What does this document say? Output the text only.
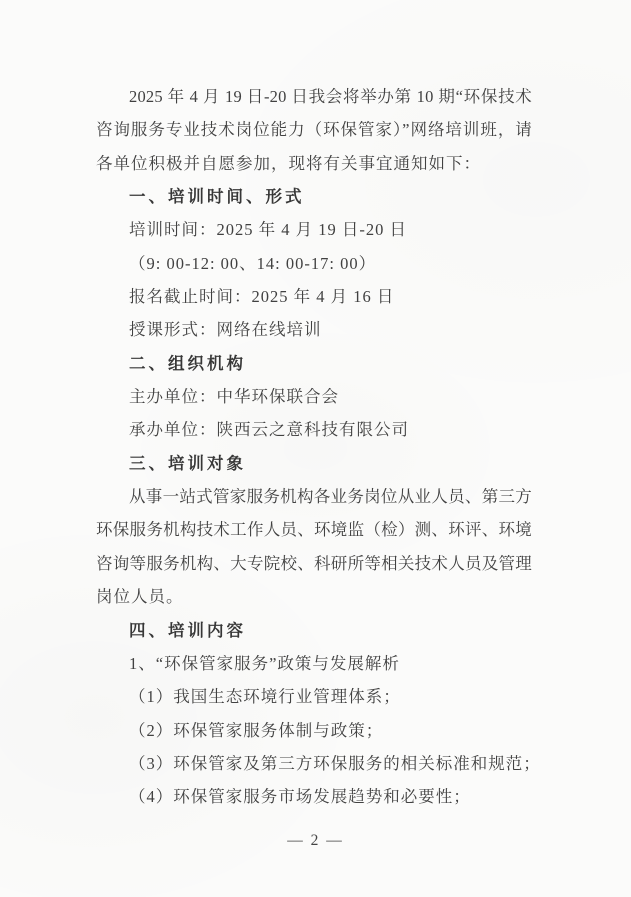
2025 年 4 月 19 日-20 日我会将举办第 10 期“环保技术
咨询服务专业技术岗位能力（环保管家）”网络培训班，请
各单位积极并自愿参加，现将有关事宜通知如下：
一、培训时间、形式
培训时间：2025 年 4 月 19 日-20 日
（9: 00-12: 00、14: 00-17: 00）
报名截止时间：2025 年 4 月 16 日
授课形式：网络在线培训
二、组织机构
主办单位：中华环保联合会
承办单位：陕西云之意科技有限公司
三、培训对象
从事一站式管家服务机构各业务岗位从业人员、第三方
环保服务机构技术工作人员、环境监（检）测、环评、环境
咨询等服务机构、大专院校、科研所等相关技术人员及管理
岗位人员。
四、培训内容
1、“环保管家服务”政策与发展解析
（1）我国生态环境行业管理体系；
（2）环保管家服务体制与政策；
（3）环保管家及第三方环保服务的相关标准和规范；
（4）环保管家服务市场发展趋势和必要性；
— 2 —
